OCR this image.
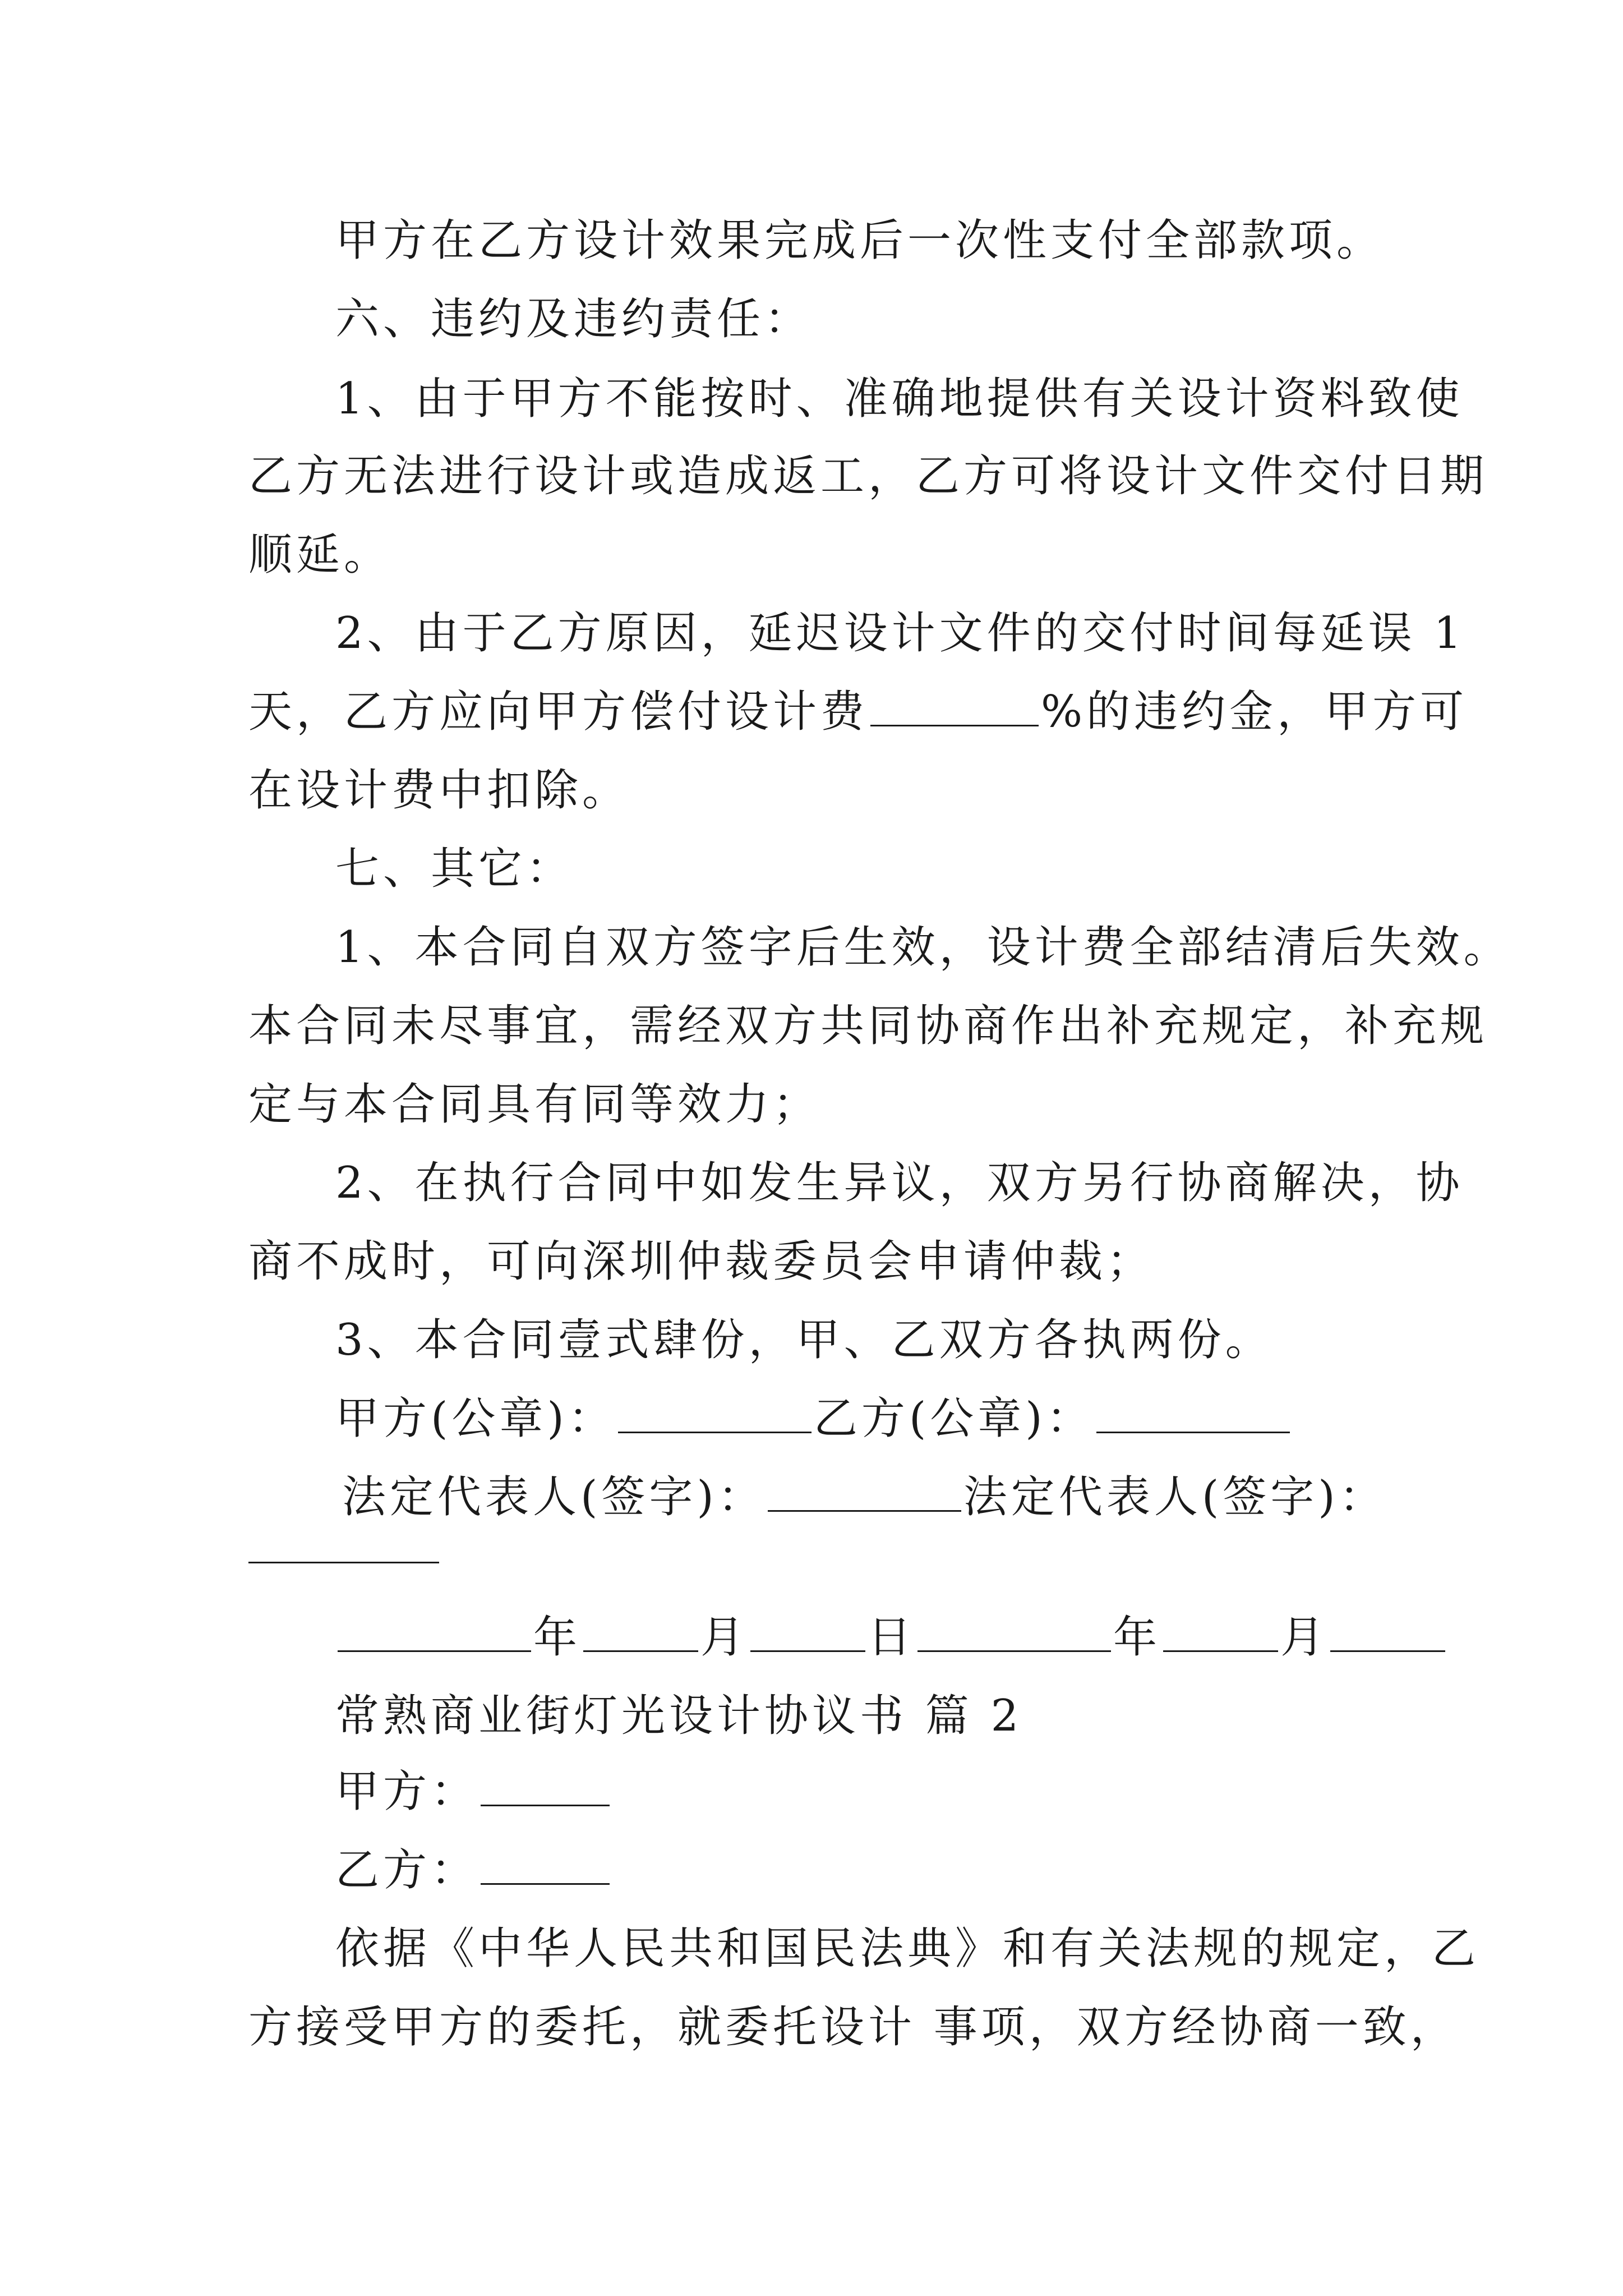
甲方在乙方设计效果完成后一次性支付全部款项。
六、违约及违约责任：
1、由于甲方不能按时、准确地提供有关设计资料致使
乙方无法进行设计或造成返工，乙方可将设计文件交付日期
顺延。
2、由于乙方原因，延迟设计文件的交付时间每延误 1
天，乙方应向甲方偿付设计费	%的违约金，甲方可
在设计费中扣除。
七、其它：
1、本合同自双方签字后生效，设计费全部结清后失效。
本合同未尽事宜，需经双方共同协商作出补充规定，补充规
定与本合同具有同等效力；
2、在执行合同中如发生异议，双方另行协商解决，协
商不成时，可向深圳仲裁委员会申请仲裁；
3、本合同壹式肆份，甲、乙双方各执两份。
甲方(公章)：	乙方(公章)：
法定代表人(签字)：	法定代表人(签字)：
年	月	日	年	月
常熟商业街灯光设计协议书 篇 2
甲方：
乙方：
依据《中华人民共和国民法典》和有关法规的规定，乙
方接受甲方的委托，就委托设计 事项，双方经协商一致，
